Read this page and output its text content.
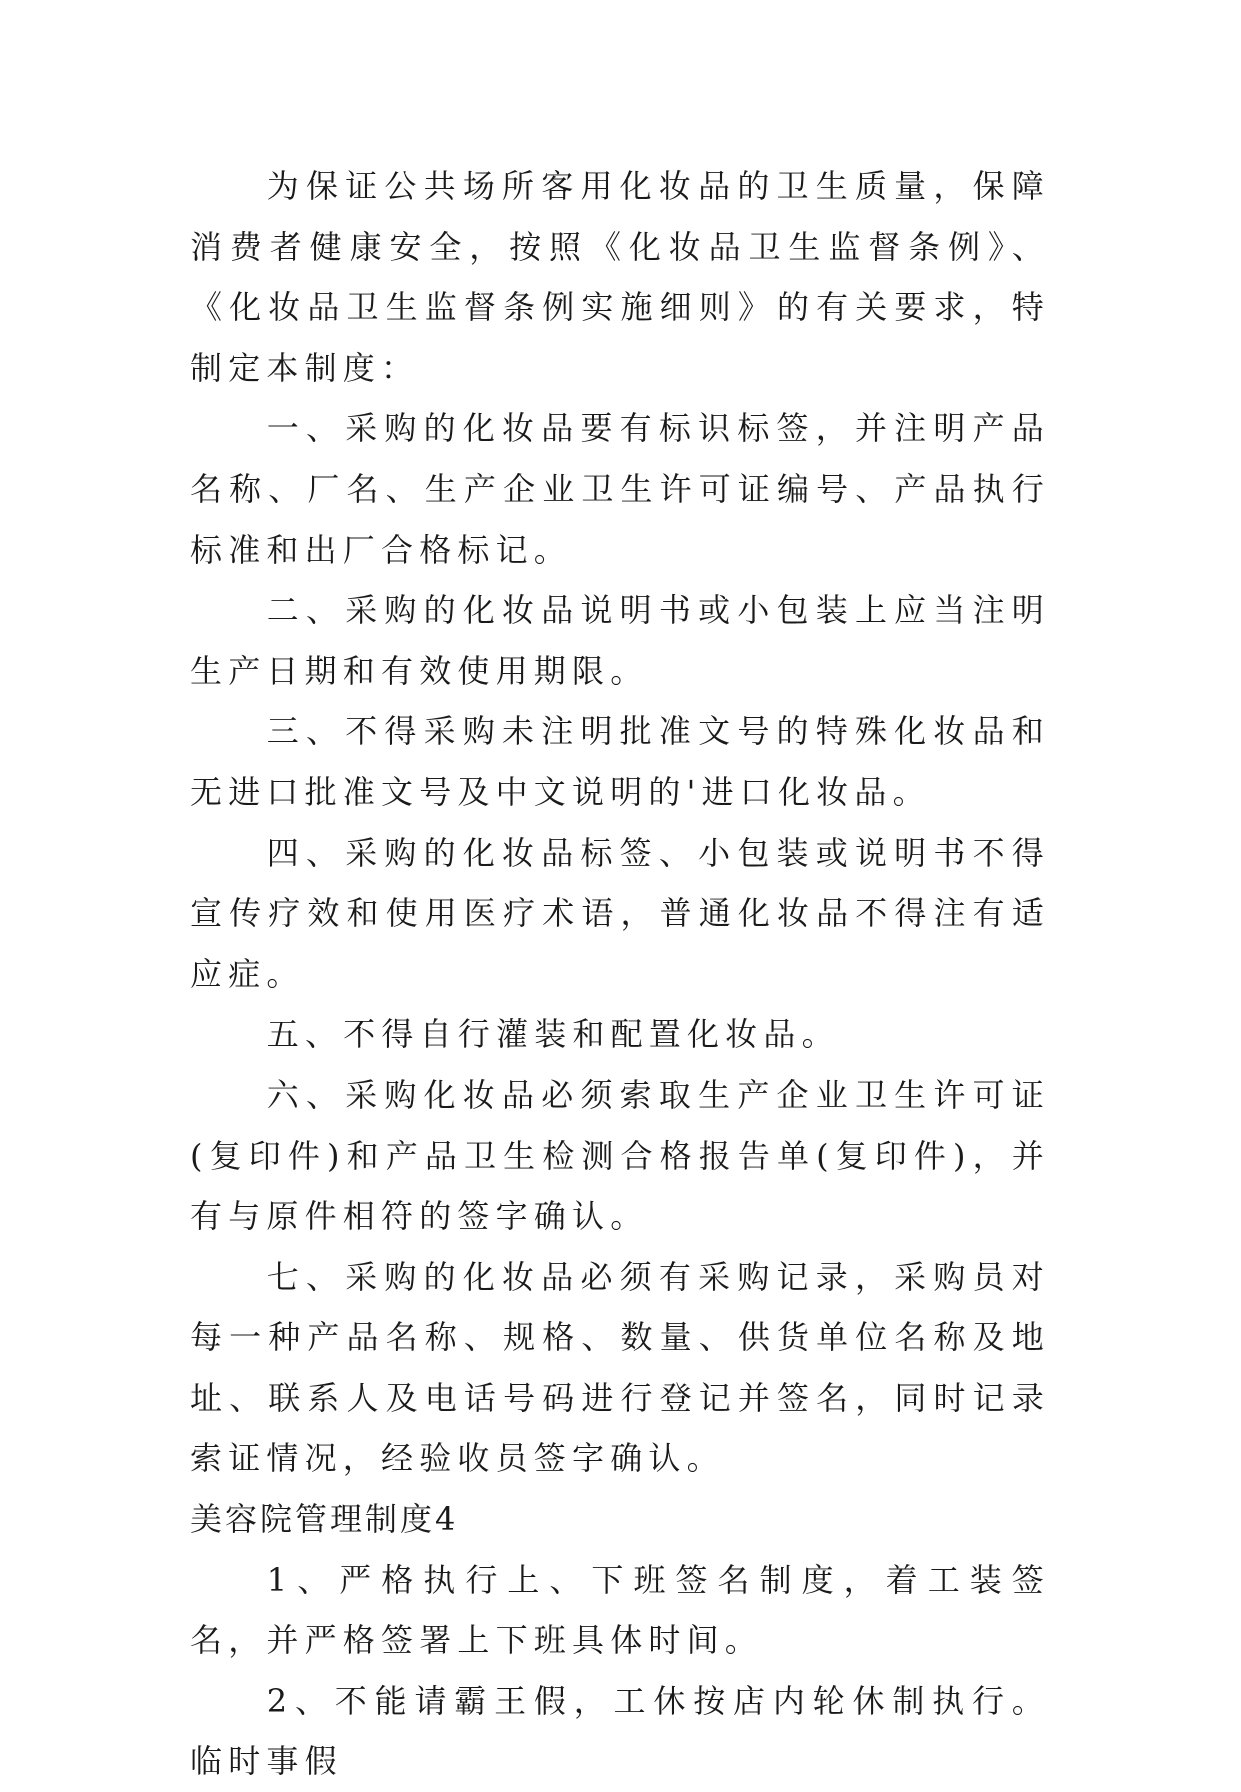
为保证公共场所客用化妆品的卫生质量，保障消费者健康安全，按照《化妆品卫生监督条例》、《化妆品卫生监督条例实施细则》的有关要求，特制定本制度：

一、采购的化妆品要有标识标签，并注明产品名称、厂名、生产企业卫生许可证编号、产品执行标准和出厂合格标记。

二、采购的化妆品说明书或小包装上应当注明生产日期和有效使用期限。

三、不得采购未注明批准文号的特殊化妆品和无进口批准文号及中文说明的'进口化妆品。

四、采购的化妆品标签、小包装或说明书不得宣传疗效和使用医疗术语，普通化妆品不得注有适应症。

五、不得自行灌装和配置化妆品。

六、采购化妆品必须索取生产企业卫生许可证(复印件)和产品卫生检测合格报告单(复印件)，并有与原件相符的签字确认。

七、采购的化妆品必须有采购记录，采购员对每一种产品名称、规格、数量、供货单位名称及地址、联系人及电话号码进行登记并签名，同时记录索证情况，经验收员签字确认。

美容院管理制度4

1、严格执行上、下班签名制度，着工装签名，并严格签署上下班具体时间。

2、不能请霸王假，工休按店内轮休制执行。临时事假
